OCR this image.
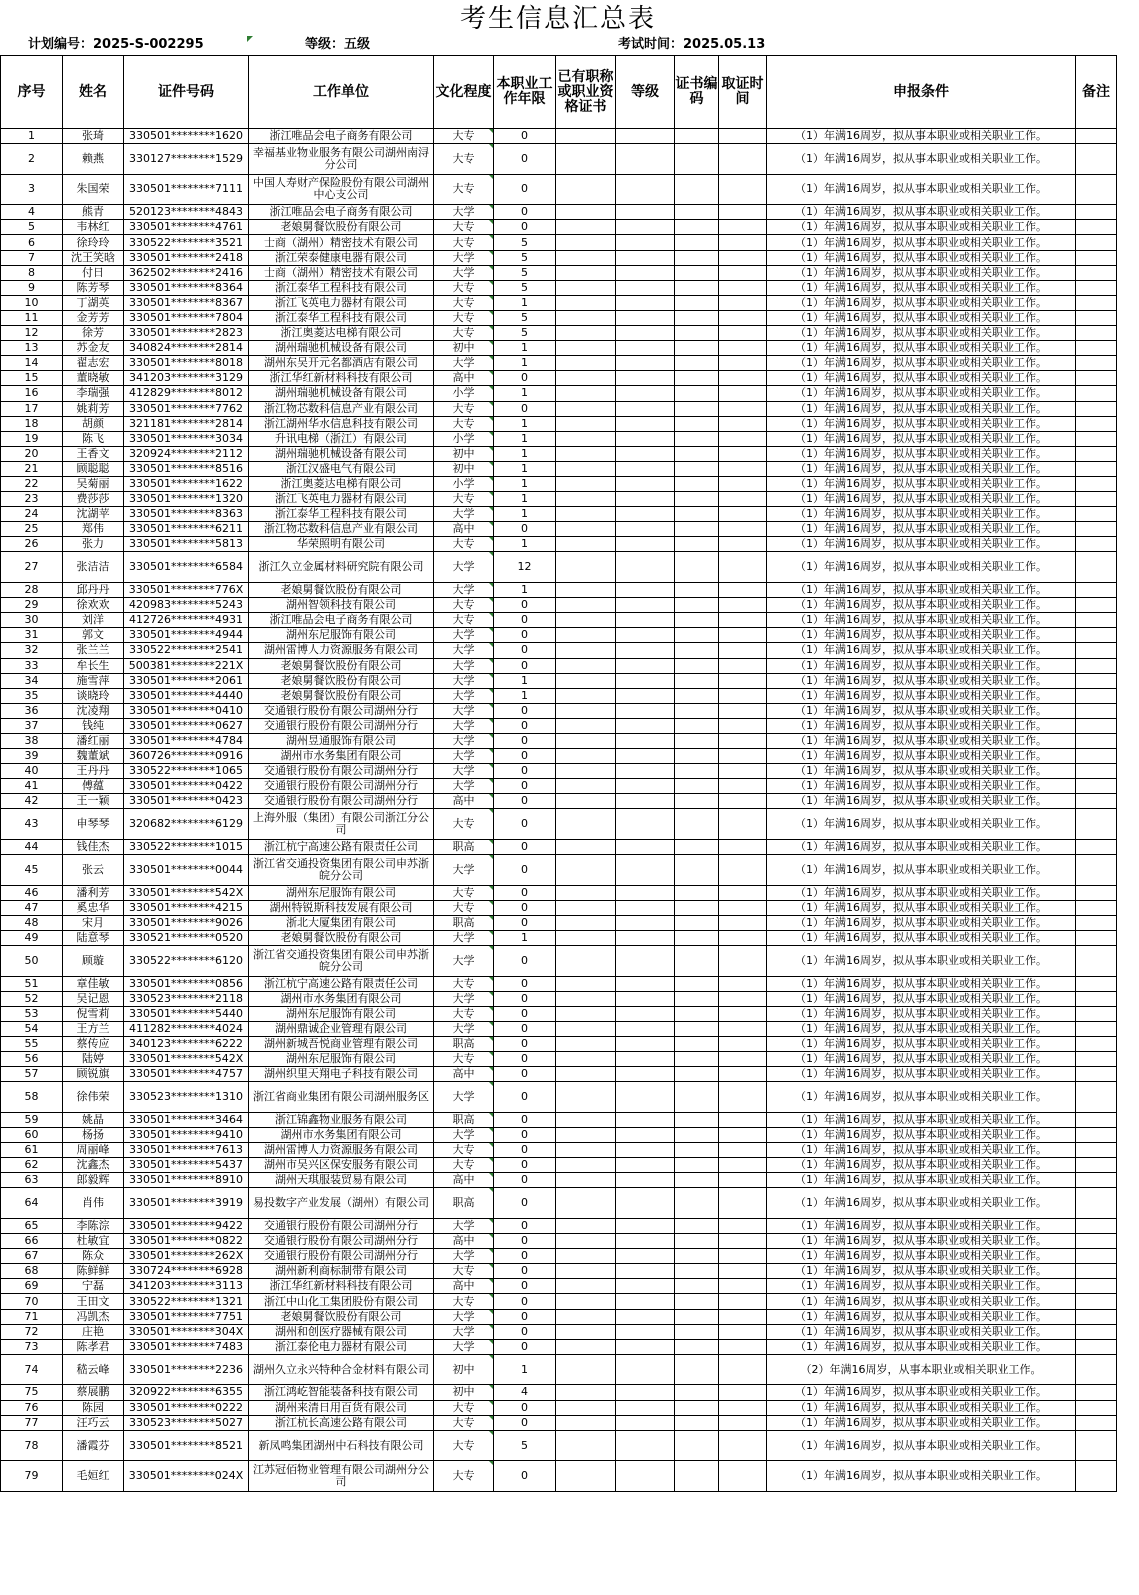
考生信息汇总表
计划编号：2025-S-002295	等级：五级	考试时间：2025.05.13
序号	姓名	证件号码	工作单位	文化程度	本职业工作年限	已有职称或职业资格证书	等级	证书编码	取证时间	申报条件	备注
1	张琦	330501********1620	浙江唯品会电子商务有限公司	大专	0					（1）年满16周岁，拟从事本职业或相关职业工作。	
2	赖燕	330127********1529	幸福基业物业服务有限公司湖州南浔分公司	大专	0					（1）年满16周岁，拟从事本职业或相关职业工作。	
3	朱国荣	330501********7111	中国人寿财产保险股份有限公司湖州中心支公司	大专	0					（1）年满16周岁，拟从事本职业或相关职业工作。	
4	熊青	520123********4843	浙江唯品会电子商务有限公司	大学	0					（1）年满16周岁，拟从事本职业或相关职业工作。	
5	韦林红	330501********4761	老娘舅餐饮股份有限公司	大专	0					（1）年满16周岁，拟从事本职业或相关职业工作。	
6	徐玲玲	330522********3521	士商（湖州）精密技术有限公司	大专	5					（1）年满16周岁，拟从事本职业或相关职业工作。	
7	沈王笑晗	330501********2418	浙江荣泰健康电器有限公司	大学	5					（1）年满16周岁，拟从事本职业或相关职业工作。	
8	付日	362502********2416	士商（湖州）精密技术有限公司	大学	5					（1）年满16周岁，拟从事本职业或相关职业工作。	
9	陈芳琴	330501********8364	浙江泰华工程科技有限公司	大专	5					（1）年满16周岁，拟从事本职业或相关职业工作。	
10	丁湖英	330501********8367	浙江飞英电力器材有限公司	大专	1					（1）年满16周岁，拟从事本职业或相关职业工作。	
11	金芳芳	330501********7804	浙江泰华工程科技有限公司	大专	5					（1）年满16周岁，拟从事本职业或相关职业工作。	
12	徐芳	330501********2823	浙江奥菱达电梯有限公司	大专	5					（1）年满16周岁，拟从事本职业或相关职业工作。	
13	苏金友	340824********2814	湖州瑞驰机械设备有限公司	初中	1					（1）年满16周岁，拟从事本职业或相关职业工作。	
14	翟志宏	330501********8018	湖州东吴开元名都酒店有限公司	大学	1					（1）年满16周岁，拟从事本职业或相关职业工作。	
15	董晓敏	341203********3129	浙江华红新材料科技有限公司	高中	0					（1）年满16周岁，拟从事本职业或相关职业工作。	
16	李瑞强	412829********8012	湖州瑞驰机械设备有限公司	小学	1					（1）年满16周岁，拟从事本职业或相关职业工作。	
17	姚莉芳	330501********7762	浙江物芯数科信息产业有限公司	大专	0					（1）年满16周岁，拟从事本职业或相关职业工作。	
18	胡颜	321181********2814	浙江湖州华水信息科技有限公司	大专	1					（1）年满16周岁，拟从事本职业或相关职业工作。	
19	陈飞	330501********3034	升讯电梯（浙江）有限公司	小学	1					（1）年满16周岁，拟从事本职业或相关职业工作。	
20	王香文	320924********2112	湖州瑞驰机械设备有限公司	初中	1					（1）年满16周岁，拟从事本职业或相关职业工作。	
21	顾聪聪	330501********8516	浙江汉盛电气有限公司	初中	1					（1）年满16周岁，拟从事本职业或相关职业工作。	
22	吴菊丽	330501********1622	浙江奥菱达电梯有限公司	小学	1					（1）年满16周岁，拟从事本职业或相关职业工作。	
23	费莎莎	330501********1320	浙江飞英电力器材有限公司	大专	1					（1）年满16周岁，拟从事本职业或相关职业工作。	
24	沈湖苹	330501********8363	浙江泰华工程科技有限公司	大学	1					（1）年满16周岁，拟从事本职业或相关职业工作。	
25	郑伟	330501********6211	浙江物芯数科信息产业有限公司	高中	0					（1）年满16周岁，拟从事本职业或相关职业工作。	
26	张力	330501********5813	华荣照明有限公司	大专	1					（1）年满16周岁，拟从事本职业或相关职业工作。	
27	张洁洁	330501********6584	浙江久立金属材料研究院有限公司	大学	12					（1）年满16周岁，拟从事本职业或相关职业工作。	
28	邱丹丹	330501********776X	老娘舅餐饮股份有限公司	大学	1					（1）年满16周岁，拟从事本职业或相关职业工作。	
29	徐欢欢	420983********5243	湖州智领科技有限公司	大专	0					（1）年满16周岁，拟从事本职业或相关职业工作。	
30	刘洋	412726********4931	浙江唯品会电子商务有限公司	大专	0					（1）年满16周岁，拟从事本职业或相关职业工作。	
31	郭文	330501********4944	湖州东尼服饰有限公司	大学	0					（1）年满16周岁，拟从事本职业或相关职业工作。	
32	张兰兰	330522********2541	湖州雷博人力资源服务有限公司	大学	0					（1）年满16周岁，拟从事本职业或相关职业工作。	
33	牟长生	500381********221X	老娘舅餐饮股份有限公司	大学	0					（1）年满16周岁，拟从事本职业或相关职业工作。	
34	施雪萍	330501********2061	老娘舅餐饮股份有限公司	大学	1					（1）年满16周岁，拟从事本职业或相关职业工作。	
35	谈晓玲	330501********4440	老娘舅餐饮股份有限公司	大学	1					（1）年满16周岁，拟从事本职业或相关职业工作。	
36	沈凌翔	330501********0410	交通银行股份有限公司湖州分行	大学	0					（1）年满16周岁，拟从事本职业或相关职业工作。	
37	钱纯	330501********0627	交通银行股份有限公司湖州分行	大学	0					（1）年满16周岁，拟从事本职业或相关职业工作。	
38	潘红丽	330501********4784	湖州昱通服饰有限公司	大学	0					（1）年满16周岁，拟从事本职业或相关职业工作。	
39	魏董斌	360726********0916	湖州市水务集团有限公司	大学	0					（1）年满16周岁，拟从事本职业或相关职业工作。	
40	王丹丹	330522********1065	交通银行股份有限公司湖州分行	大学	0					（1）年满16周岁，拟从事本职业或相关职业工作。	
41	傅蕴	330501********0422	交通银行股份有限公司湖州分行	大学	0					（1）年满16周岁，拟从事本职业或相关职业工作。	
42	王一颖	330501********0423	交通银行股份有限公司湖州分行	高中	0					（1）年满16周岁，拟从事本职业或相关职业工作。	
43	申琴琴	320682********6129	上海外服（集团）有限公司浙江分公司	大专	0					（1）年满16周岁，拟从事本职业或相关职业工作。	
44	钱佳杰	330522********1015	浙江杭宁高速公路有限责任公司	职高	0					（1）年满16周岁，拟从事本职业或相关职业工作。	
45	张云	330501********0044	浙江省交通投资集团有限公司申苏浙皖分公司	大学	0					（1）年满16周岁，拟从事本职业或相关职业工作。	
46	潘利芳	330501********542X	湖州东尼服饰有限公司	大专	0					（1）年满16周岁，拟从事本职业或相关职业工作。	
47	奚忠华	330501********4215	湖州特锐斯科技发展有限公司	大专	0					（1）年满16周岁，拟从事本职业或相关职业工作。	
48	宋月	330501********9026	浙北大厦集团有限公司	职高	0					（1）年满16周岁，拟从事本职业或相关职业工作。	
49	陆意琴	330521********0520	老娘舅餐饮股份有限公司	大学	1					（1）年满16周岁，拟从事本职业或相关职业工作。	
50	顾璇	330522********6120	浙江省交通投资集团有限公司申苏浙皖分公司	大学	0					（1）年满16周岁，拟从事本职业或相关职业工作。	
51	章佳敏	330501********0856	浙江杭宁高速公路有限责任公司	大专	0					（1）年满16周岁，拟从事本职业或相关职业工作。	
52	吴记恩	330523********2118	湖州市水务集团有限公司	大学	0					（1）年满16周岁，拟从事本职业或相关职业工作。	
53	倪雪莉	330501********5440	湖州东尼服饰有限公司	大专	0					（1）年满16周岁，拟从事本职业或相关职业工作。	
54	王方兰	411282********4024	湖州鼎诚企业管理有限公司	大学	0					（1）年满16周岁，拟从事本职业或相关职业工作。	
55	蔡传应	340123********6222	湖州新城吾悦商业管理有限公司	职高	0					（1）年满16周岁，拟从事本职业或相关职业工作。	
56	陆婷	330501********542X	湖州东尼服饰有限公司	大专	0					（1）年满16周岁，拟从事本职业或相关职业工作。	
57	顾锐旗	330501********4757	湖州织里天翔电子科技有限公司	高中	0					（1）年满16周岁，拟从事本职业或相关职业工作。	
58	徐伟荣	330523********1310	浙江省商业集团有限公司湖州服务区	大学	0					（1）年满16周岁，拟从事本职业或相关职业工作。	
59	姚晶	330501********3464	浙江锦鑫物业服务有限公司	职高	0					（1）年满16周岁，拟从事本职业或相关职业工作。	
60	杨扬	330501********9410	湖州市水务集团有限公司	大学	0					（1）年满16周岁，拟从事本职业或相关职业工作。	
61	周丽峰	330501********7613	湖州雷博人力资源服务有限公司	大专	0					（1）年满16周岁，拟从事本职业或相关职业工作。	
62	沈鑫杰	330501********5437	湖州市吴兴区保安服务有限公司	大专	0					（1）年满16周岁，拟从事本职业或相关职业工作。	
63	郎毅辉	330501********8910	湖州天琪服装贸易有限公司	高中	0					（1）年满16周岁，拟从事本职业或相关职业工作。	
64	肖伟	330501********3919	易投数字产业发展（湖州）有限公司	职高	0					（1）年满16周岁，拟从事本职业或相关职业工作。	
65	李陈淙	330501********9422	交通银行股份有限公司湖州分行	大学	0					（1）年满16周岁，拟从事本职业或相关职业工作。	
66	杜敏宜	330501********0822	交通银行股份有限公司湖州分行	高中	0					（1）年满16周岁，拟从事本职业或相关职业工作。	
67	陈众	330501********262X	交通银行股份有限公司湖州分行	大学	0					（1）年满16周岁，拟从事本职业或相关职业工作。	
68	陈鲜鲜	330724********6928	湖州新利商标制带有限公司	大专	0					（1）年满16周岁，拟从事本职业或相关职业工作。	
69	宁磊	341203********3113	浙江华红新材料科技有限公司	高中	0					（1）年满16周岁，拟从事本职业或相关职业工作。	
70	王田文	330522********1321	浙江中山化工集团股份有限公司	大专	0					（1）年满16周岁，拟从事本职业或相关职业工作。	
71	冯凯杰	330501********7751	老娘舅餐饮股份有限公司	大学	0					（1）年满16周岁，拟从事本职业或相关职业工作。	
72	庄艳	330501********304X	湖州和创医疗器械有限公司	大学	0					（1）年满16周岁，拟从事本职业或相关职业工作。	
73	陈孝君	330501********7483	浙江泰伦电力器材有限公司	大学	0					（1）年满16周岁，拟从事本职业或相关职业工作。	
74	嵇云峰	330501********2236	湖州久立永兴特种合金材料有限公司	初中	1					（2）年满16周岁，从事本职业或相关职业工作。	
75	蔡展鹏	320922********6355	浙江鸿屹智能装备科技有限公司	初中	4					（1）年满16周岁，拟从事本职业或相关职业工作。	
76	陈园	330501********0222	湖州来清日用百货有限公司	大专	0					（1）年满16周岁，拟从事本职业或相关职业工作。	
77	汪巧云	330523********5027	浙江杭长高速公路有限公司	大专	0					（1）年满16周岁，拟从事本职业或相关职业工作。	
78	潘霞芬	330501********8521	新凤鸣集团湖州中石科技有限公司	大专	5					（1）年满16周岁，拟从事本职业或相关职业工作。	
79	毛姮红	330501********024X	江苏冠佰物业管理有限公司湖州分公司	大专	0					（1）年满16周岁，拟从事本职业或相关职业工作。	
